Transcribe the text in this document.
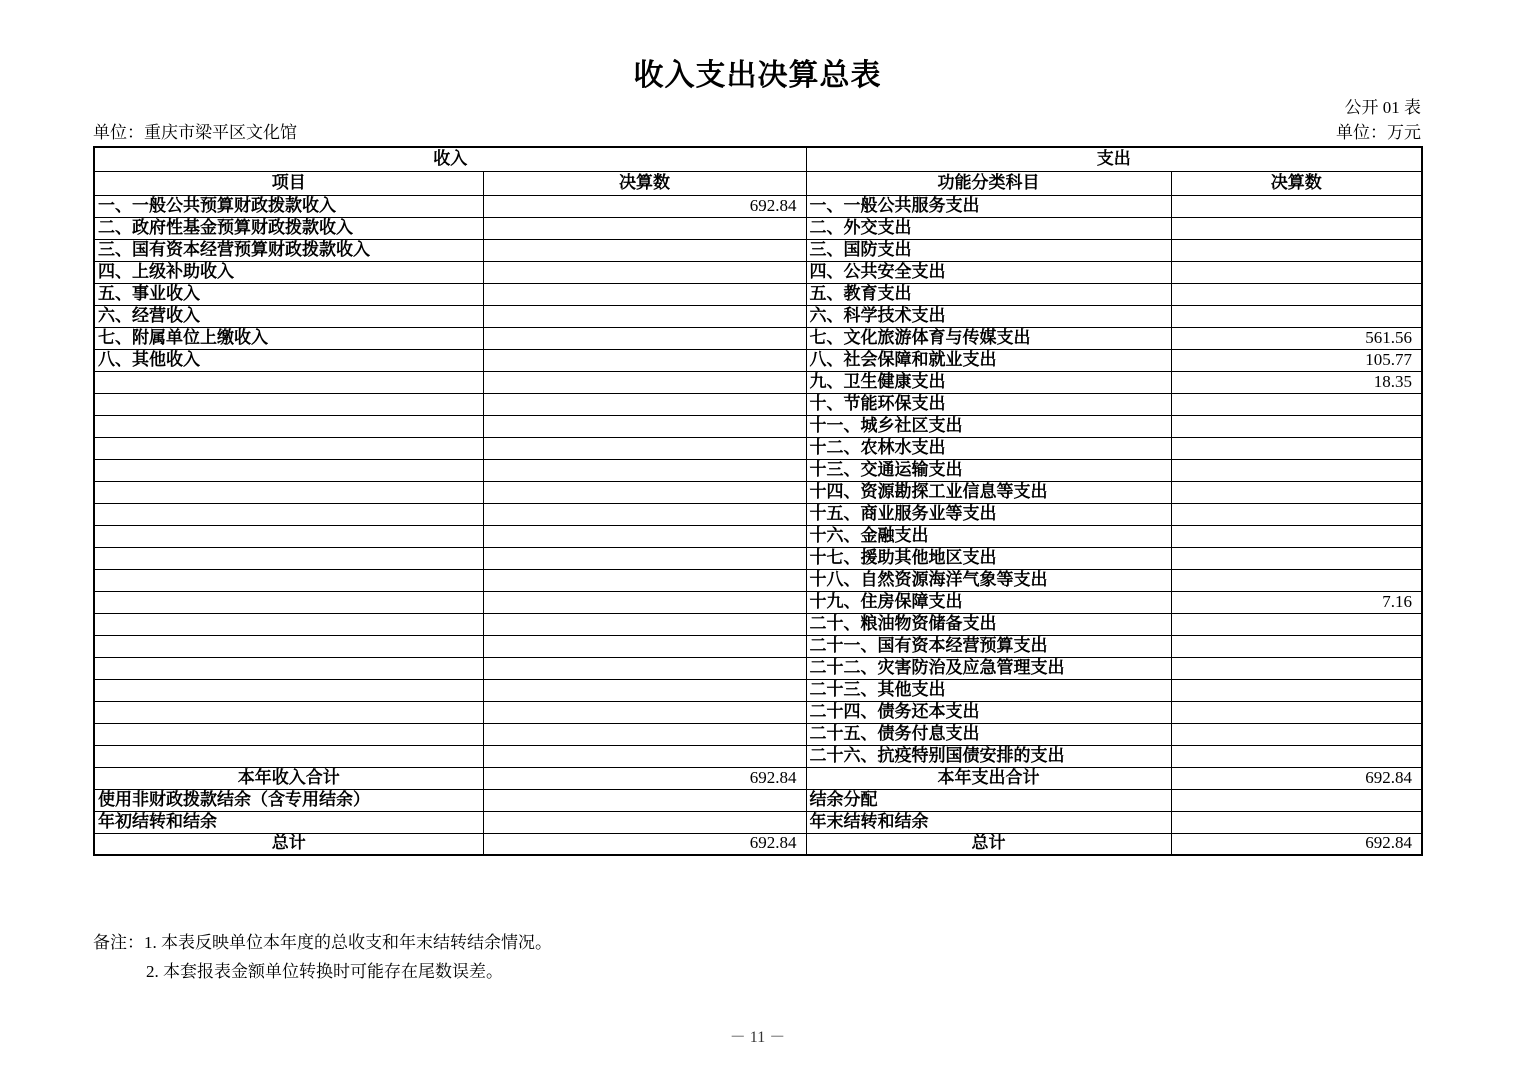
收入支出决算总表
公开 01 表
单位：重庆市梁平区文化馆	单位：万元
收入		支出	
项目	决算数	功能分类科目	决算数
一、一般公共预算财政拨款收入	692.84	一、一般公共服务支出	
二、政府性基金预算财政拨款收入		二、外交支出	
三、国有资本经营预算财政拨款收入		三、国防支出	
四、上级补助收入		四、公共安全支出	
五、事业收入		五、教育支出	
六、经营收入		六、科学技术支出	
七、附属单位上缴收入		七、文化旅游体育与传媒支出	561.56
八、其他收入		八、社会保障和就业支出	105.77
		九、卫生健康支出	18.35
		十、节能环保支出	
		十一、城乡社区支出	
		十二、农林水支出	
		十三、交通运输支出	
		十四、资源勘探工业信息等支出	
		十五、商业服务业等支出	
		十六、金融支出	
		十七、援助其他地区支出	
		十八、自然资源海洋气象等支出	
		十九、住房保障支出	7.16
		二十、粮油物资储备支出	
		二十一、国有资本经营预算支出	
		二十二、灾害防治及应急管理支出	
		二十三、其他支出	
		二十四、债务还本支出	
		二十五、债务付息支出	
		二十六、抗疫特别国债安排的支出	
本年收入合计	692.84	本年支出合计	692.84
使用非财政拨款结余（含专用结余）		结余分配	
年初结转和结余		年末结转和结余	
总计	692.84	总计	692.84
备注：1. 本表反映单位本年度的总收支和年末结转结余情况。
2. 本套报表金额单位转换时可能存在尾数误差。
－ 11 －
